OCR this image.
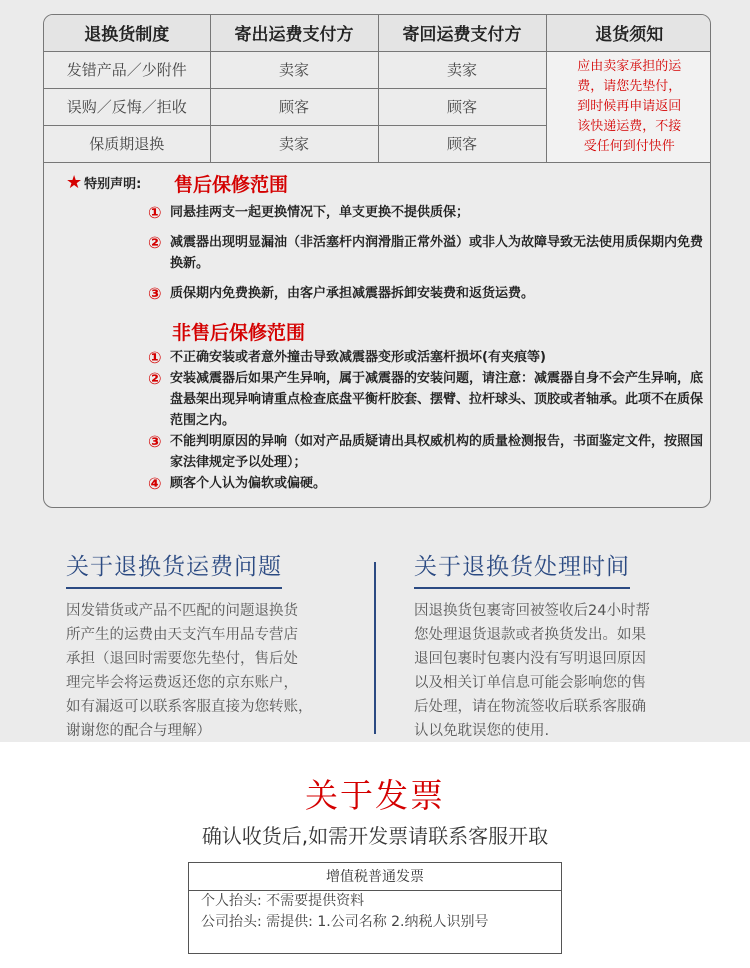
退换货制度	寄出运费支付方	寄回运费支付方	退货须知
发错产品／少附件	卖家	卖家	应由卖家承担的运
费，请您先垫付，
到时候再申请返回
该快递运费，不接
受任何到付快件

误购／反悔／拒收	顾客	顾客	
保质期退换	卖家	顾客	
★ 特别声明: 售后保修范围
① 同悬挂两支一起更换情况下，单支更换不提供质保；
② 减震器出现明显漏油（非活塞杆内润滑脂正常外溢）或非人为故障导致无法使用质保期内免费换新。
③ 质保期内免费换新，由客户承担减震器拆卸安装费和返货运费。
非售后保修范围
① 不正确安装或者意外撞击导致减震器变形或活塞杆损坏(有夹痕等)
② 安装减震器后如果产生异响，属于减震器的安装问题，请注意：减震器自身不会产生异响，底盘悬架出现异响请重点检查底盘平衡杆胶套、摆臂、拉杆球头、顶胶或者轴承。此项不在质保范围之内。
③ 不能判明原因的异响（如对产品质疑请出具权威机构的质量检测报告，书面鉴定文件，按照国家法律规定予以处理）；
④ 顾客个人认为偏软或偏硬。
关于退换货运费问题
因发错货或产品不匹配的问题退换货
所产生的运费由天支汽车用品专营店
承担（退回时需要您先垫付，售后处
理完毕会将运费返还您的京东账户，
如有漏返可以联系客服直接为您转账，
谢谢您的配合与理解）
关于退换货处理时间
因退换货包裹寄回被签收后24小时帮
您处理退货退款或者换货发出。如果
退回包裹时包裹内没有写明退回原因
以及相关订单信息可能会影响您的售
后处理，请在物流签收后联系客服确
认以免耽误您的使用.
关于发票
确认收货后,如需开发票请联系客服开取
增值税普通发票
个人抬头: 不需要提供资料
公司抬头: 需提供: 1.公司名称 2.纳税人识别号
